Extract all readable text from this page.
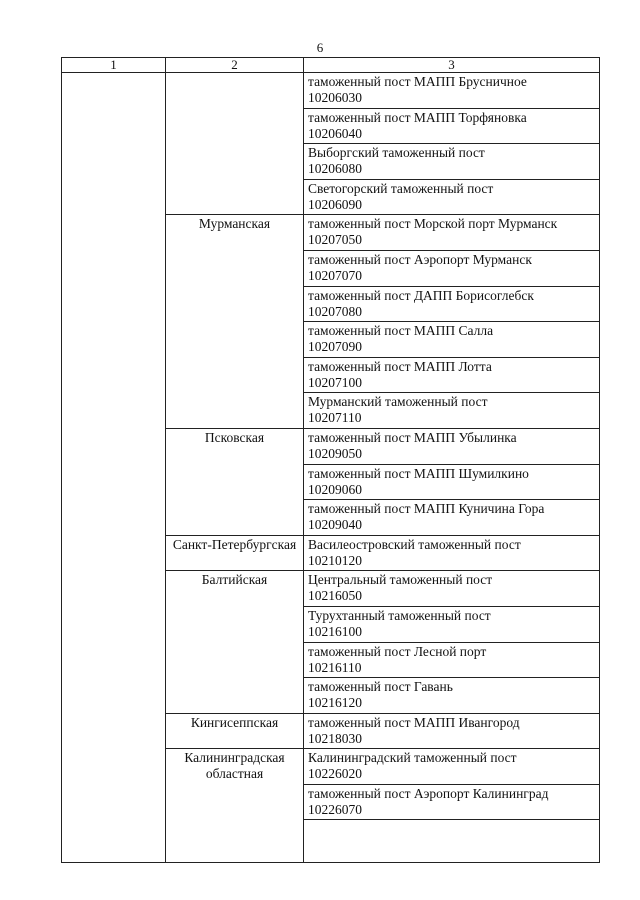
6
1	2	3

		таможенный пост МАПП Брусничное
10206030

		таможенный пост МАПП Торфяновка
10206040

		Выборгский таможенный пост
10206080

		Светогорский таможенный пост
10206090

	Мурманская	таможенный пост Морской порт Мурманск
10207050

		таможенный пост Аэропорт Мурманск
10207070

		таможенный пост ДАПП Борисоглебск
10207080

		таможенный пост МАПП Салла
10207090

		таможенный пост МАПП Лотта
10207100

		Мурманский таможенный пост
10207110

	Псковская	таможенный пост МАПП Убылинка
10209050

		таможенный пост МАПП Шумилкино
10209060

		таможенный пост МАПП Куничина Гора
10209040

	Санкт-Петербургская	Василеостровский таможенный пост
10210120

	Балтийская	Центральный таможенный пост
10216050

		Турухтанный таможенный пост
10216100

		таможенный пост Лесной порт
10216110

		таможенный пост Гавань
10216120

	Кингисеппская	таможенный пост МАПП Ивангород
10218030

	Калининградская областная	Калининградский таможенный пост
10226020

		таможенный пост Аэропорт Калининград
10226070
